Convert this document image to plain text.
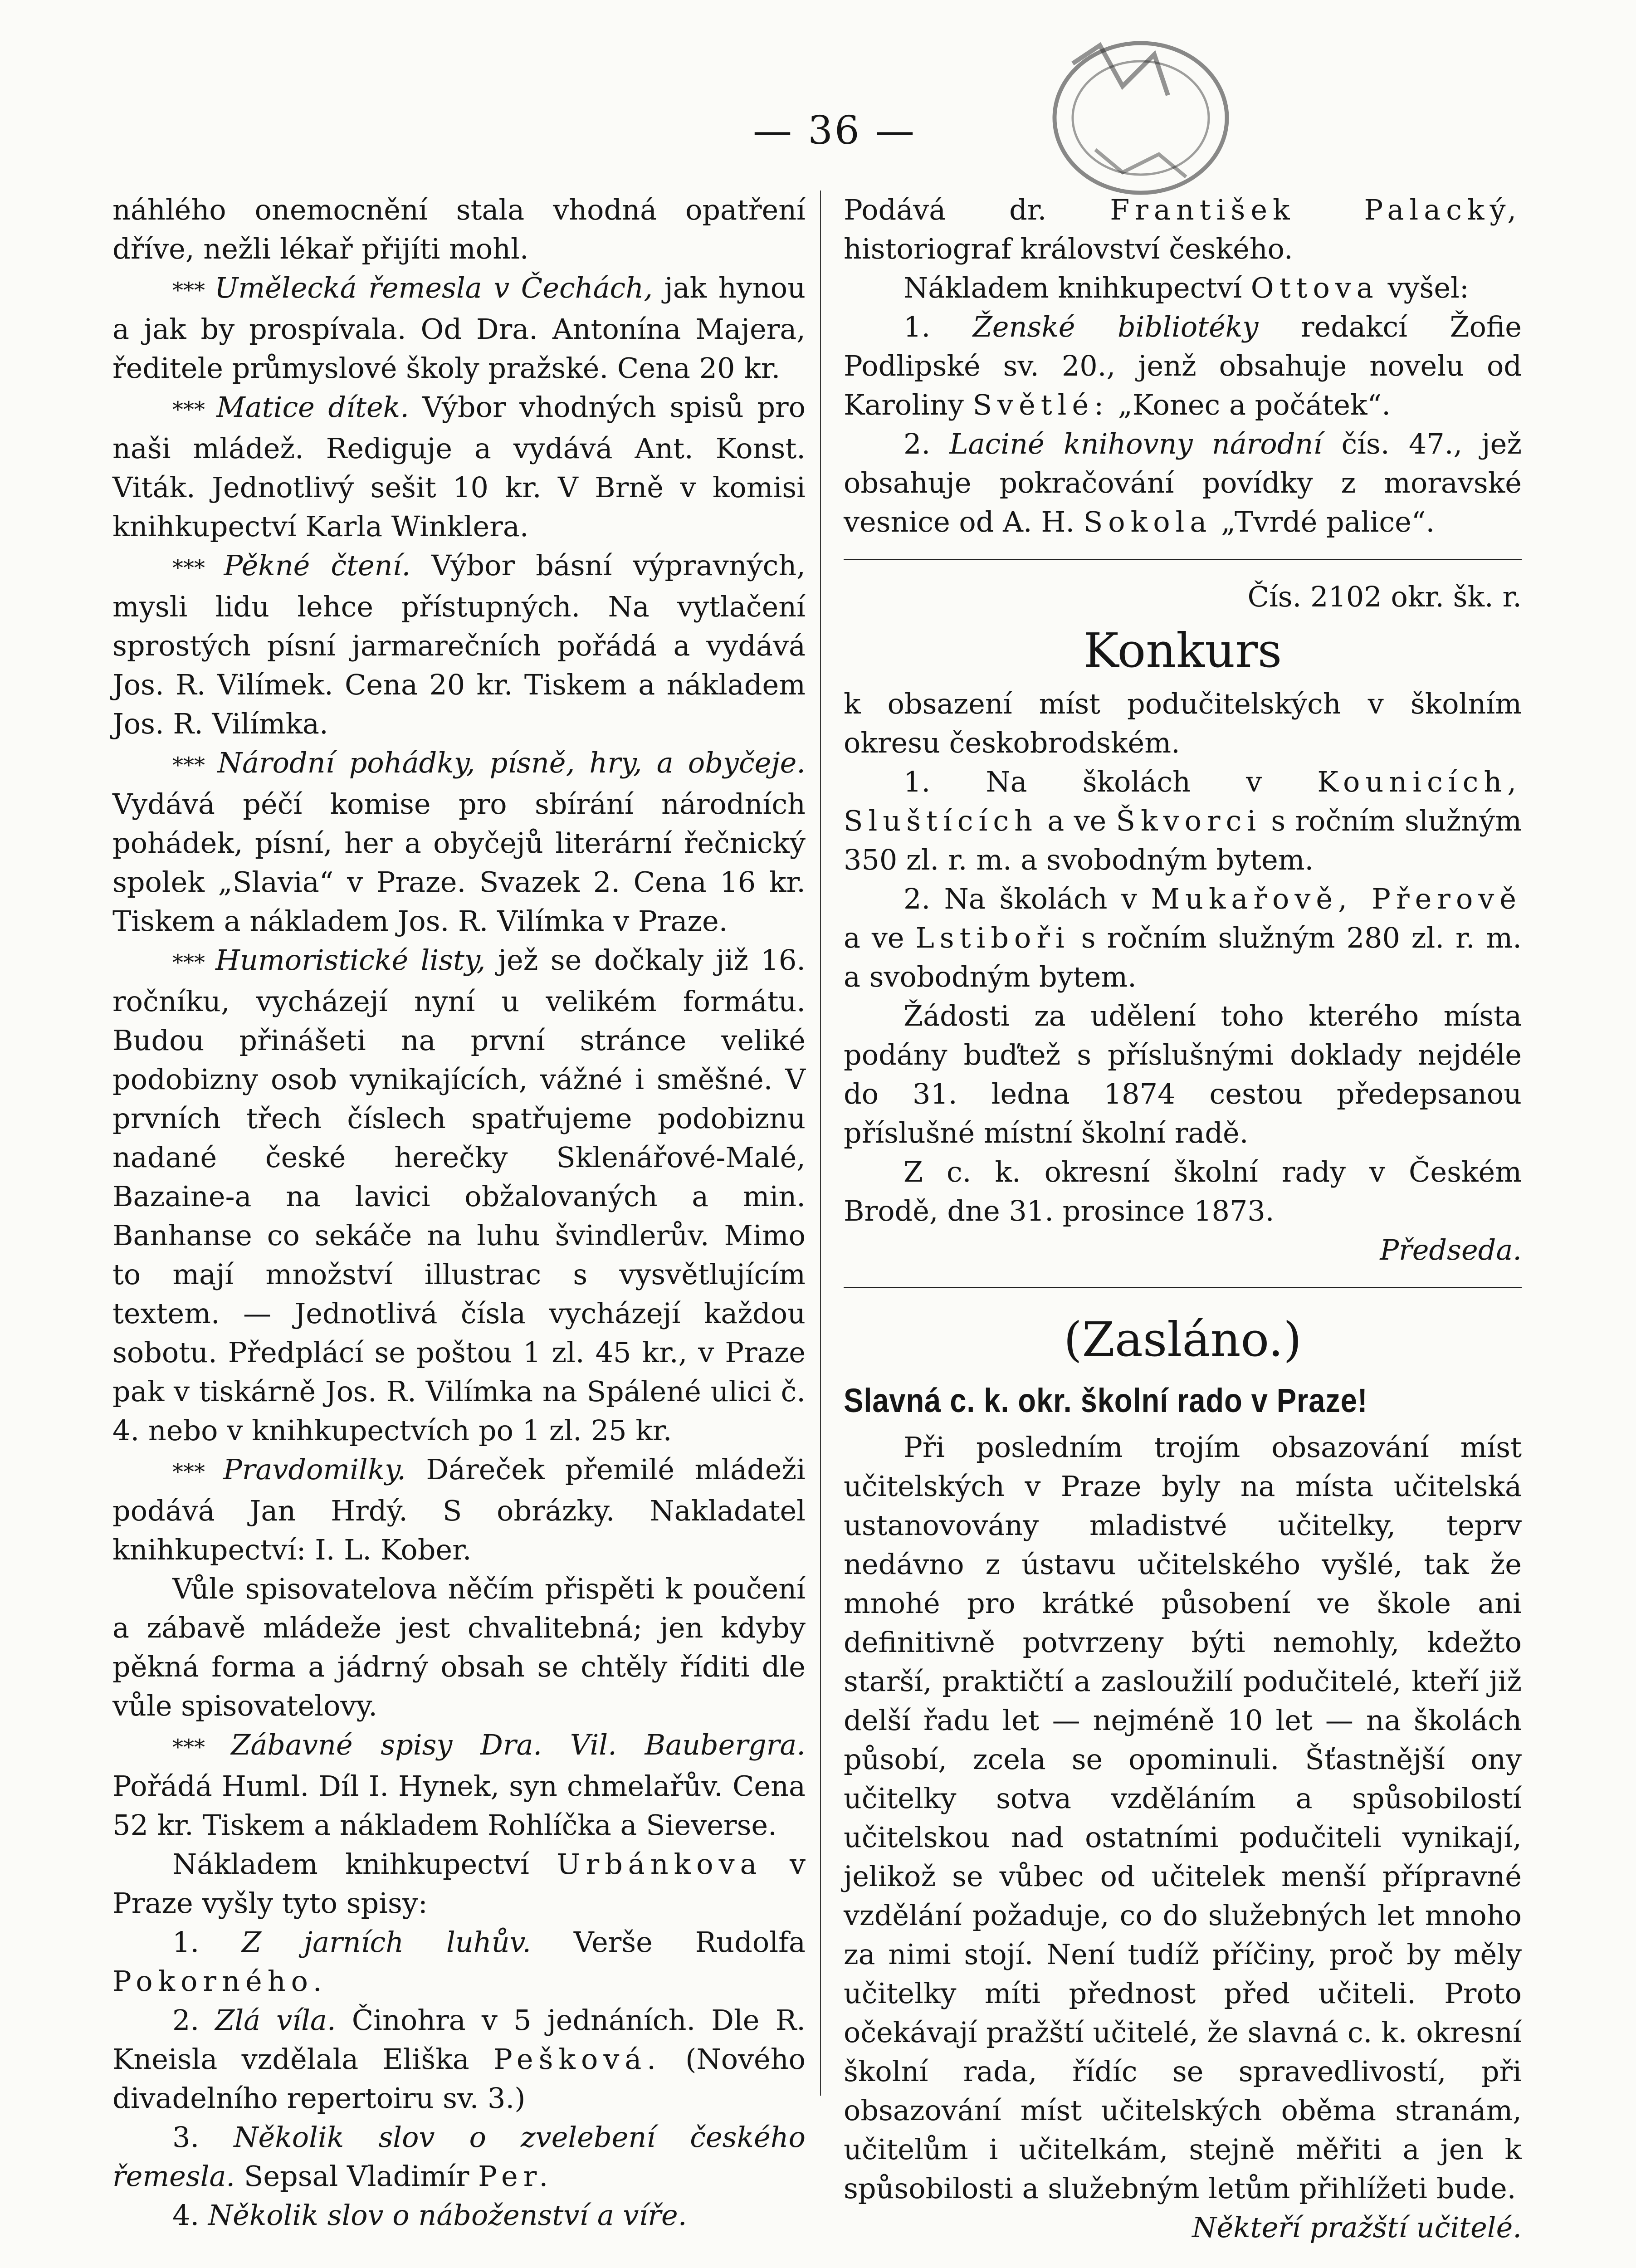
— 36 —

náhlého onemocnění stala vhodná opatření dříve, nežli lékař přijíti mohl.

*** Umělecká řemesla v Čechách, jak hynou a jak by prospívala. Od Dra. Antonína Majera, ředitele průmyslové školy pražské. Cena 20 kr.

*** Matice dítek. Výbor vhodných spisů pro naši mládež. Rediguje a vydává Ant. Konst. Viták. Jednotlivý sešit 10 kr. V Brně v komisi knihkupectví Karla Winklera.

*** Pěkné čtení. Výbor básní výpravných, mysli lidu lehce přístupných. Na vytlačení sprostých písní jarmarečních pořádá a vydává Jos. R. Vilímek. Cena 20 kr. Tiskem a nákladem Jos. R. Vilímka.

*** Národní pohádky, písně, hry, a obyčeje. Vydává péčí komise pro sbírání národních pohádek, písní, her a obyčejů literární řečnický spolek „Slavia“ v Praze. Svazek 2. Cena 16 kr. Tiskem a nákladem Jos. R. Vilímka v Praze.

*** Humoristické listy, jež se dočkaly již 16. ročníku, vycházejí nyní u velikém formátu. Budou přinášeti na první stránce veliké podobizny osob vynikajících, vážné i směšné. V prvních třech číslech spatřujeme podobiznu nadané české herečky Sklenářové-Malé, Bazaine-a na lavici obžalovaných a min. Banhanse co sekáče na luhu švindlerův. Mimo to mají množství illustrac s vysvětlujícím textem. — Jednotlivá čísla vycházejí každou sobotu. Předplácí se poštou 1 zl. 45 kr., v Praze pak v tiskárně Jos. R. Vilímka na Spálené ulici č. 4. nebo v knihkupectvích po 1 zl. 25 kr.

*** Pravdomilky. Dáreček přemilé mládeži podává Jan Hrdý. S obrázky. Nakladatel knihkupectví: I. L. Kober.

Vůle spisovatelova něčím přispěti k poučení a zábavě mládeže jest chvalitebná; jen kdyby pěkná forma a jádrný obsah se chtěly říditi dle vůle spisovatelovy.

*** Zábavné spisy Dra. Vil. Baubergra. Pořádá Huml. Díl I. Hynek, syn chmelařův. Cena 52 kr. Tiskem a nákladem Rohlíčka a Sieverse.

Nákladem knihkupectví Urbánkova v Praze vyšly tyto spisy:

1. Z jarních luhův. Verše Rudolfa Pokorného.

2. Zlá víla. Činohra v 5 jednáních. Dle R. Kneisla vzdělala Eliška Pešková. (Nového divadelního repertoiru sv. 3.)

3. Několik slov o zvelebení českého řemesla. Sepsal Vladimír Per.

4. Několik slov o náboženství a víře.

Podává dr. František Palacký, historiograf království českého.

Nákladem knihkupectví Ottova vyšel:

1. Ženské bibliotéky redakcí Žofie Podlipské sv. 20., jenž obsahuje novelu od Karoliny Světlé: „Konec a počátek“.

2. Laciné knihovny národní čís. 47., jež obsahuje pokračování povídky z moravské vesnice od A. H. Sokola „Tvrdé palice“.

Čís. 2102 okr. šk. r.

Konkurs

k obsazení míst podučitelských v školním okresu českobrodském.

1. Na školách v Kounicích, Sluštících a ve Škvorci s ročním služným 350 zl. r. m. a svobodným bytem.

2. Na školách v Mukařově, Přerově a ve Lstiboři s ročním služným 280 zl. r. m. a svobodným bytem.

Žádosti za udělení toho kterého místa podány buďtež s příslušnými doklady nejdéle do 31. ledna 1874 cestou předepsanou příslušné místní školní radě.

Z c. k. okresní školní rady v Českém Brodě, dne 31. prosince 1873.

Předseda.

(Zasláno.)

Slavná c. k. okr. školní rado v Praze!

Při posledním trojím obsazování míst učitelských v Praze byly na místa učitelská ustanovovány mladistvé učitelky, teprv nedávno z ústavu učitelského vyšlé, tak že mnohé pro krátké působení ve škole ani definitivně potvrzeny býti nemohly, kdežto starší, praktičtí a zasloužilí podučitelé, kteří již delší řadu let — nejméně 10 let — na školách působí, zcela se opominuli. Šťastnější ony učitelky sotva vzděláním a spůsobilostí učitelskou nad ostatními podučiteli vynikají, jelikož se vůbec od učitelek menší přípravné vzdělání požaduje, co do služebných let mnoho za nimi stojí. Není tudíž příčiny, proč by měly učitelky míti přednost před učiteli. Proto očekávají pražští učitelé, že slavná c. k. okresní školní rada, řídíc se spravedlivostí, při obsazování míst učitelských oběma stranám, učitelům i učitelkám, stejně měřiti a jen k spůsobilosti a služebným letům přihlížeti bude.

Někteří pražští učitelé.
